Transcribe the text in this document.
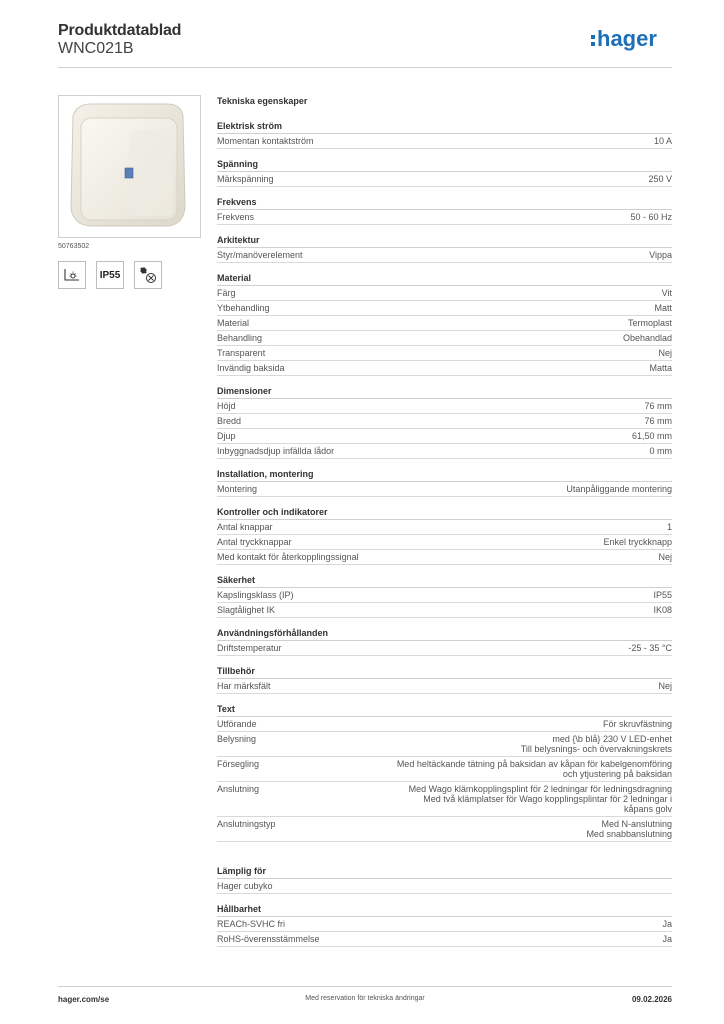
Produktdatablad
WNC021B	hager
50763502
IP55
Tekniska egenskaper
Elektrisk ström
Momentan kontaktström	10 A
Spänning
Märkspänning	250 V
Frekvens
Frekvens	50 - 60 Hz
Arkitektur
Styr/manöverelement	Vippa
Material
Färg	Vit
Ytbehandling	Matt
Material	Termoplast
Behandling	Obehandlad
Transparent	Nej
Invändig baksida	Matta
Dimensioner
Höjd	76 mm
Bredd	76 mm
Djup	61,50 mm
Inbyggnadsdjup infällda lådor	0 mm
Installation, montering
Montering	Utanpåliggande montering
Kontroller och indikatorer
Antal knappar	1
Antal tryckknappar	Enkel tryckknapp
Med kontakt för återkopplingssignal	Nej
Säkerhet
Kapslingsklass (IP)	IP55
Slagtålighet IK	IK08
Användningsförhållanden
Driftstemperatur	-25 - 35 °C
Tillbehör
Har märksfält	Nej
Text
Utförande	För skruvfästning
Belysning	med {\b blå} 230 V LED-enhet
Till belysnings- och övervakningskrets
Försegling	Med heltäckande tätning på baksidan av kåpan för kabelgenomföring
och ytjustering på baksidan
Anslutning	Med Wago klämkopplingsplint för 2 ledningar för ledningsdragning
Med två klämplatser för Wago kopplingsplintar för 2 ledningar i
kåpans golv
Anslutningstyp	Med N-anslutning
Med snabbanslutning
Lämplig för
Hager cubyko
Hållbarhet
REACh-SVHC fri	Ja
RoHS-överensstämmelse	Ja
hager.com/se	Med reservation för tekniska ändringar	09.02.2026
